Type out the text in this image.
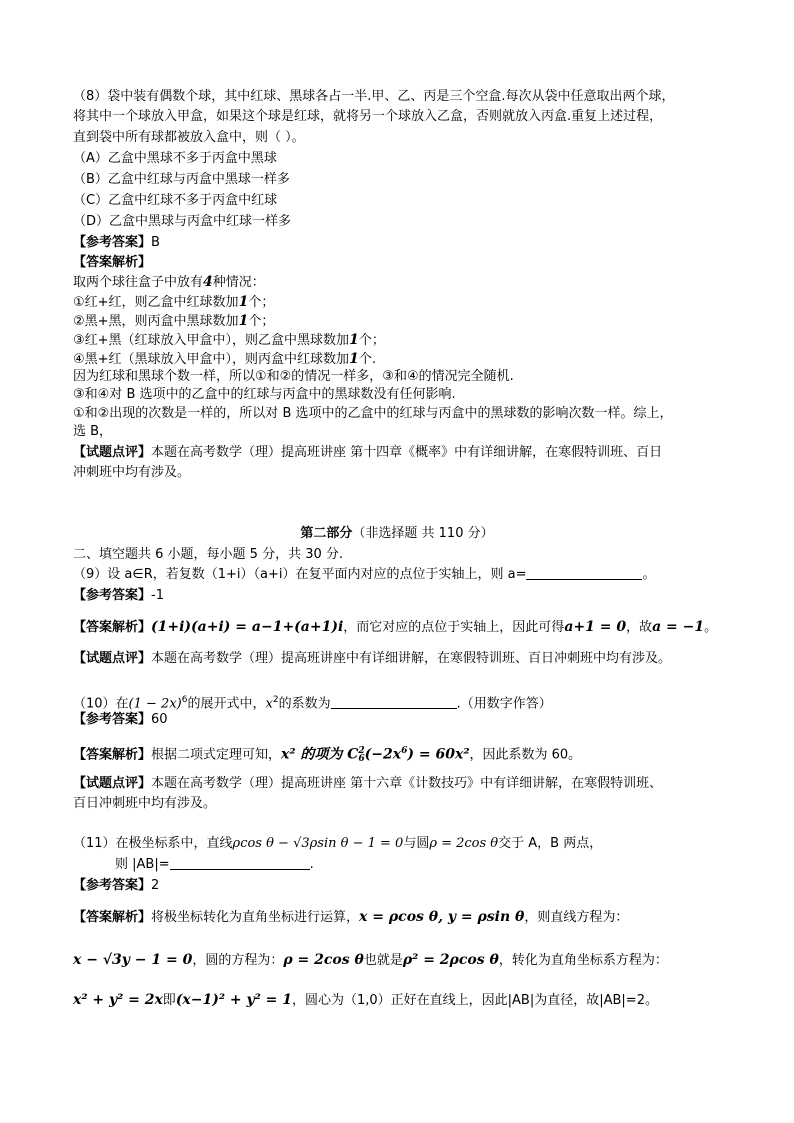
（8）袋中装有偶数个球，其中红球、黑球各占一半.甲、乙、丙是三个空盒.每次从袋中任意取出两个球，
将其中一个球放入甲盒，如果这个球是红球，就将另一个球放入乙盒，否则就放入丙盒.重复上述过程，
直到袋中所有球都被放入盒中，则（ ）。
（A）乙盒中黑球不多于丙盒中黑球
（B）乙盒中红球与丙盒中黑球一样多
（C）乙盒中红球不多于丙盒中红球
（D）乙盒中黑球与丙盒中红球一样多
【参考答案】B
【答案解析】
取两个球往盒子中放有4种情况：
①红+红，则乙盒中红球数加1个；
②黑+黑，则丙盒中黑球数加1个；
③红+黑（红球放入甲盒中），则乙盒中黑球数加1个；
④黑+红（黑球放入甲盒中），则丙盒中红球数加1个.
因为红球和黑球个数一样，所以①和②的情况一样多，③和④的情况完全随机.
③和④对 B 选项中的乙盒中的红球与丙盒中的黑球数没有任何影响.
①和②出现的次数是一样的，所以对 B 选项中的乙盒中的红球与丙盒中的黑球数的影响次数一样。综上，
选 B，
【试题点评】本题在高考数学（理）提高班讲座 第十四章《概率》中有详细讲解，在寒假特训班、百日
冲刺班中均有涉及。
第二部分（非选择题 共 110 分）
二、填空题共 6 小题，每小题 5 分，共 30 分.
（9）设 a∈R，若复数（1+i）（a+i）在复平面内对应的点位于实轴上，则 a=	。
【参考答案】-1
【答案解析】(1+i)(a+i) = a−1+(a+1)i，而它对应的点位于实轴上，因此可得a+1 = 0，故a = −1。
【试题点评】本题在高考数学（理）提高班讲座中有详细讲解，在寒假特训班、百日冲刺班中均有涉及。
（10）在$(1 - 2x)^6$的展开式中，$x^2$的系数为	.（用数字作答）
【参考答案】60
【答案解析】根据二项式定理可知，x² 的项为 C 2
6 $(-2x^6) = 60x^2$，因此系数为 60。
【试题点评】本题在高考数学（理）提高班讲座 第十六章《计数技巧》中有详细讲解，在寒假特训班、
百日冲刺班中均有涉及。
（11）在极坐标系中，直线ρcos θ − √3ρsin θ − 1 = 0与圆ρ = 2cos θ交于 A，B 两点，
则 |AB|=	.
【参考答案】2
【答案解析】将极坐标转化为直角坐标进行运算，x = ρcos θ, y = ρsin θ，则直线方程为：
x − √3y − 1 = 0，圆的方程为：ρ = 2cos θ也就是ρ² = 2ρcos θ，转化为直角坐标系方程为：
x² + y² = 2x即(x−1)² + y² = 1，圆心为（1,0）正好在直线上，因此|AB|为直径，故|AB|=2。
